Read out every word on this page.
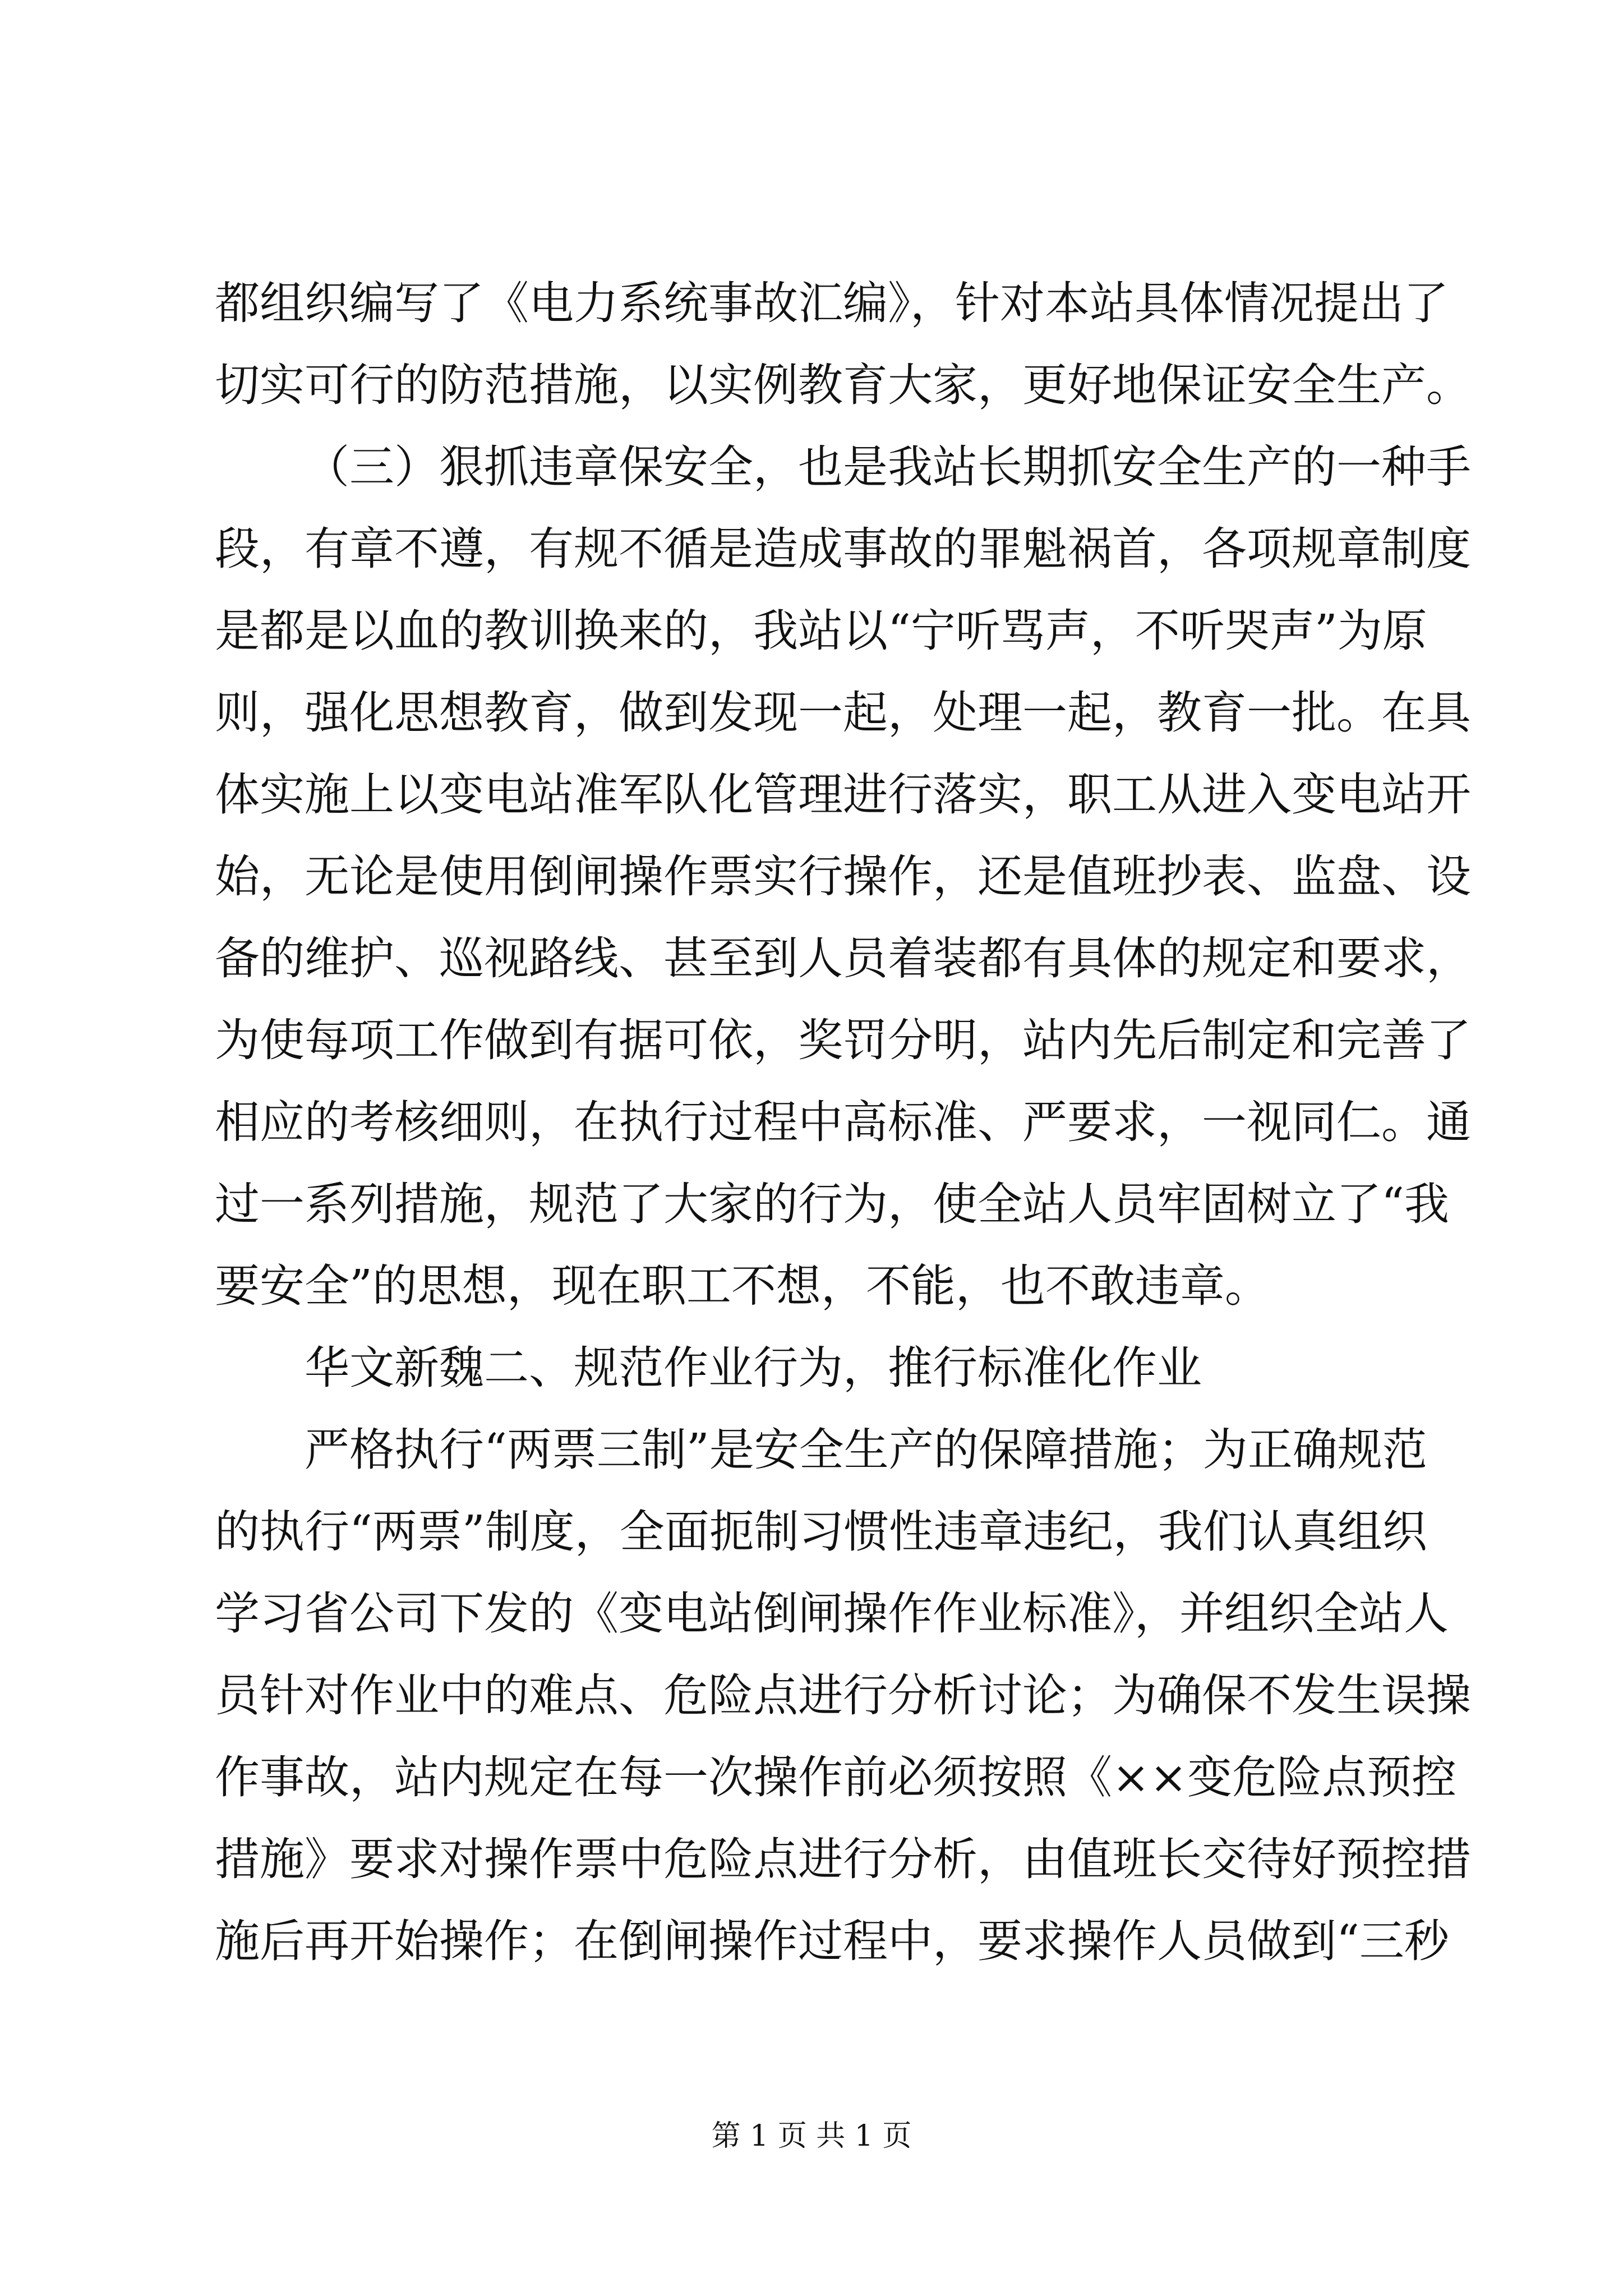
都组织编写了《电力系统事故汇编》，针对本站具体情况提出了
切实可行的防范措施，以实例教育大家，更好地保证安全生产。
（三）狠抓违章保安全，也是我站长期抓安全生产的一种手
段，有章不遵，有规不循是造成事故的罪魁祸首，各项规章制度
是都是以血的教训换来的，我站以“宁听骂声，不听哭声”为原
则，强化思想教育，做到发现一起，处理一起，教育一批。在具
体实施上以变电站准军队化管理进行落实，职工从进入变电站开
始，无论是使用倒闸操作票实行操作，还是值班抄表、监盘、设
备的维护、巡视路线、甚至到人员着装都有具体的规定和要求，
为使每项工作做到有据可依，奖罚分明，站内先后制定和完善了
相应的考核细则，在执行过程中高标准、严要求，一视同仁。通
过一系列措施，规范了大家的行为，使全站人员牢固树立了“我
要安全”的思想，现在职工不想，不能，也不敢违章。
华文新魏二、规范作业行为，推行标准化作业
严格执行“两票三制”是安全生产的保障措施；为正确规范
的执行“两票”制度，全面扼制习惯性违章违纪，我们认真组织
学习省公司下发的《变电站倒闸操作作业标准》，并组织全站人
员针对作业中的难点、危险点进行分析讨论；为确保不发生误操
作事故，站内规定在每一次操作前必须按照《××变危险点预控
措施》要求对操作票中危险点进行分析，由值班长交待好预控措
施后再开始操作；在倒闸操作过程中，要求操作人员做到“三秒
第 1 页 共 1 页
